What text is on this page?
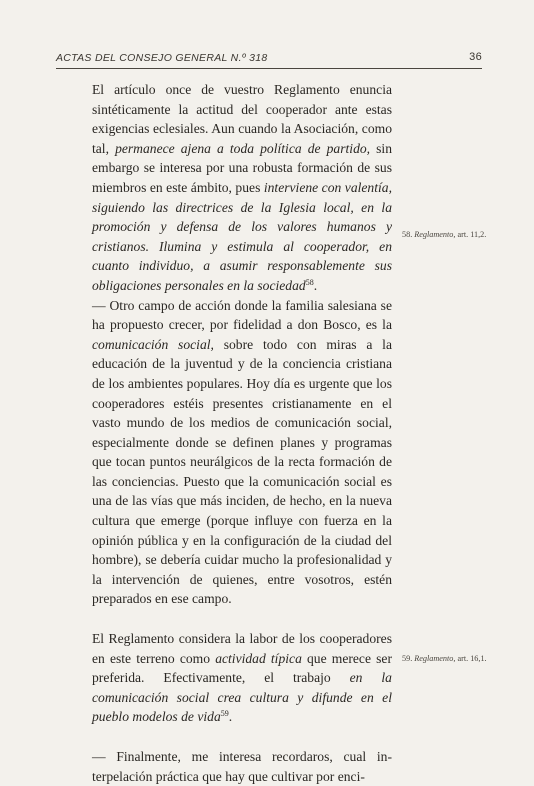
ACTAS DEL CONSEJO GENERAL N.º 318	36

El artículo once de vuestro Reglamento enuncia sintéticamente la actitud del cooperador ante estas exigencias eclesiales. Aun cuando la Asociación, como tal, permanece ajena a toda política de partido, sin embargo se interesa por una robusta formación de sus miembros en este ámbito, pues interviene con valentía, siguiendo las directrices de la Iglesia local, en la promoción y defensa de los valores humanos y cristianos. Ilumina y estimula al cooperador, en cuanto individuo, a asumir responsablemente sus obligaciones personales en la sociedad$^{58}$.

— Otro campo de acción donde la familia salesiana se ha propuesto crecer, por fidelidad a don Bosco, es la comunicación social, sobre todo con miras a la educación de la juventud y de la conciencia cristiana de los ambientes populares. Hoy día es urgente que los cooperadores estéis presentes cristianamente en el vasto mundo de los medios de comunicación social, especialmente donde se definen planes y programas que tocan puntos neurálgicos de la recta formación de las conciencias. Puesto que la comunicación social es una de las vías que más inciden, de hecho, en la nueva cultura que emerge (porque influye con fuerza en la opinión pública y en la configuración de la ciudad del hombre), se debería cuidar mucho la profesionalidad y la intervención de quienes, entre vosotros, estén preparados en ese campo.

El Reglamento considera la labor de los cooperadores en este terreno como actividad típica que merece ser preferida. Efectivamente, el trabajo en la comunicación social crea cultura y difunde en el pueblo modelos de vida$^{59}$.

— Finalmente, me interesa recordaros, cual interpelación práctica que hay que cultivar por enci-

58. Reglamento, art. 11,2.
59. Reglamento, art. 16,1.
